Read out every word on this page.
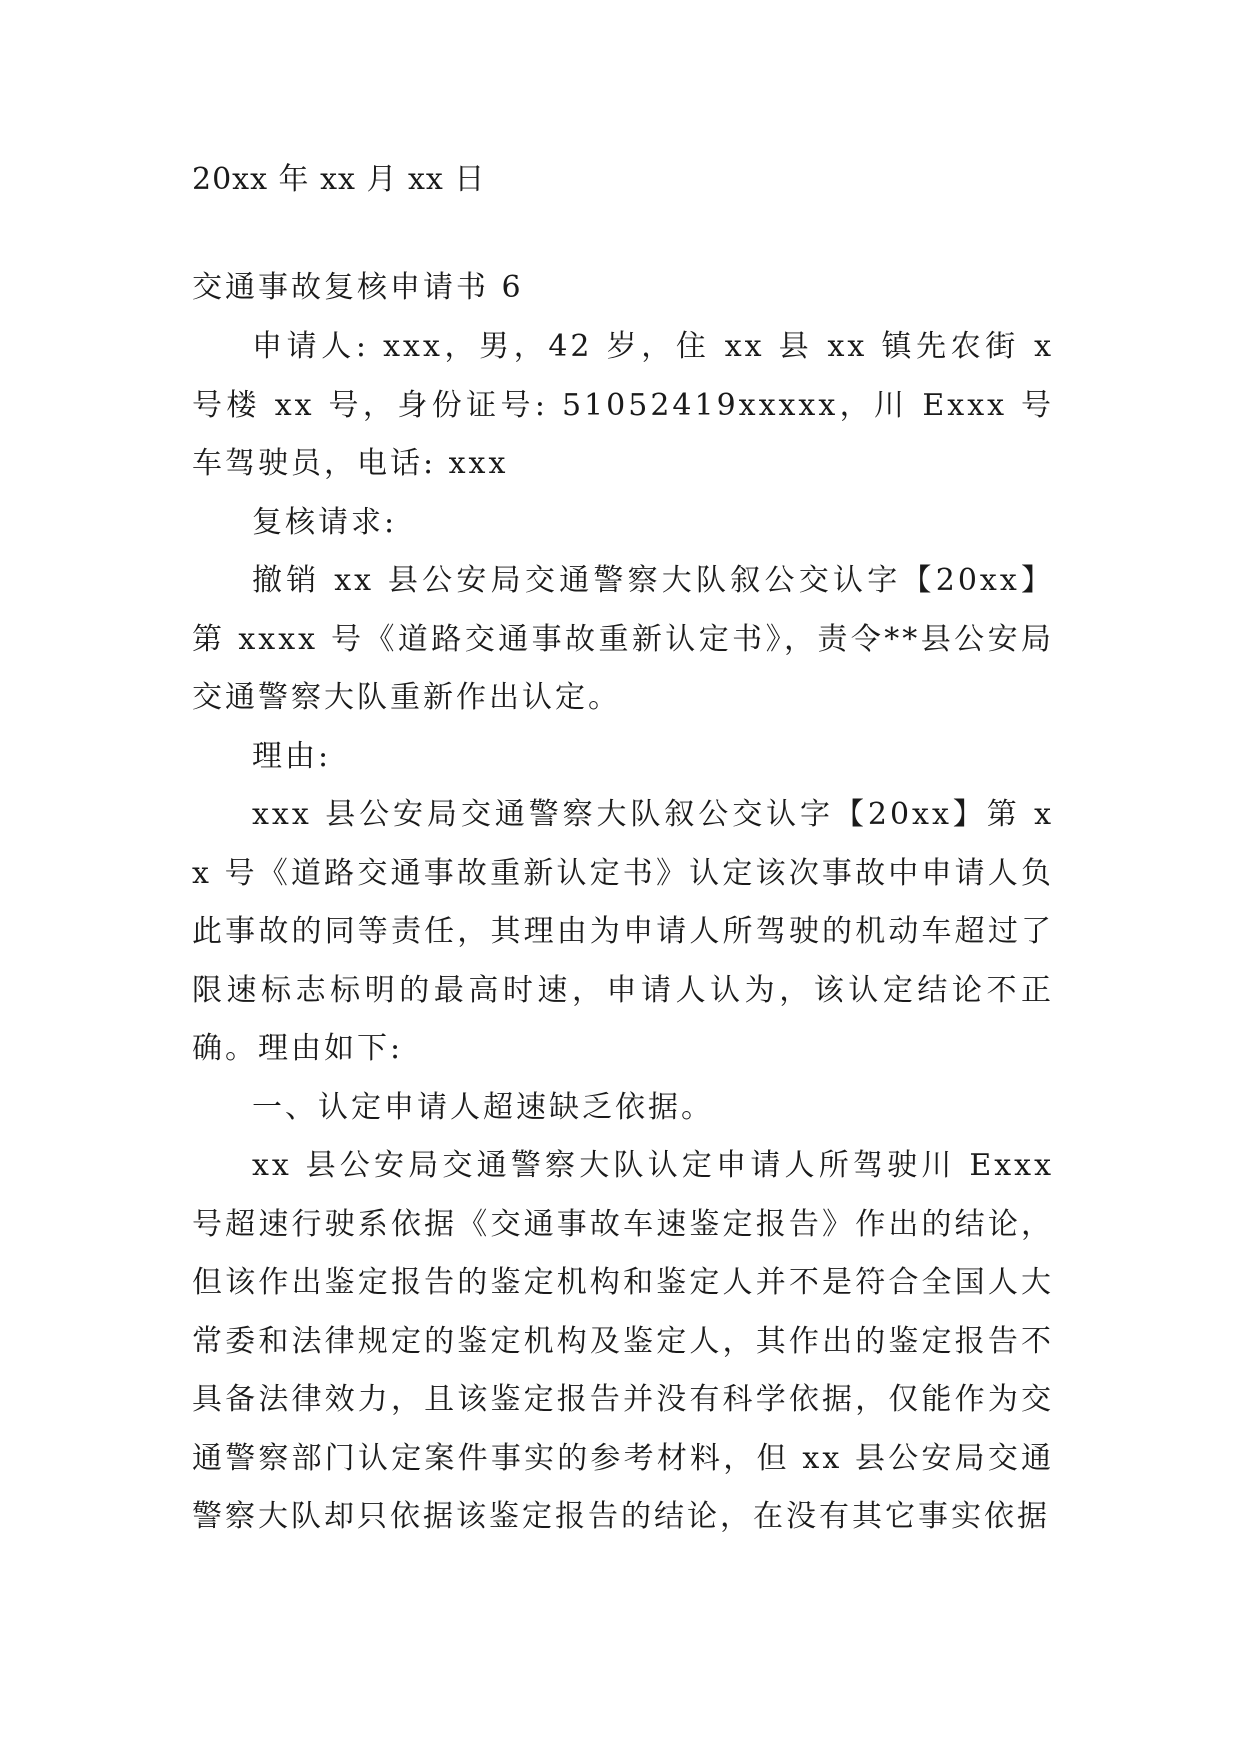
20xx 年 xx 月 xx 日

交通事故复核申请书 6

申请人: xxx，男，42 岁，住 xx 县 xx 镇先农街 x 号楼 xx 号，身份证号: 51052419xxxxx，川 Exxx 号车驾驶员，电话: xxx

复核请求:

撤销 xx 县公安局交通警察大队叙公交认字【20xx】第 xxxx 号《道路交通事故重新认定书》，责令**县公安局交通警察大队重新作出认定。

理由:

xxx 县公安局交通警察大队叙公交认字【20xx】第 xx 号《道路交通事故重新认定书》认定该次事故中申请人负此事故的同等责任，其理由为申请人所驾驶的机动车超过了限速标志标明的最高时速，申请人认为，该认定结论不正确。理由如下:

一、认定申请人超速缺乏依据。

xx 县公安局交通警察大队认定申请人所驾驶川 Exxx 号超速行驶系依据《交通事故车速鉴定报告》作出的结论，但该作出鉴定报告的鉴定机构和鉴定人并不是符合全国人大常委和法律规定的鉴定机构及鉴定人，其作出的鉴定报告不具备法律效力，且该鉴定报告并没有科学依据，仅能作为交通警察部门认定案件事实的参考材料，但 xx 县公安局交通警察大队却只依据该鉴定报告的结论，在没有其它事实依据
